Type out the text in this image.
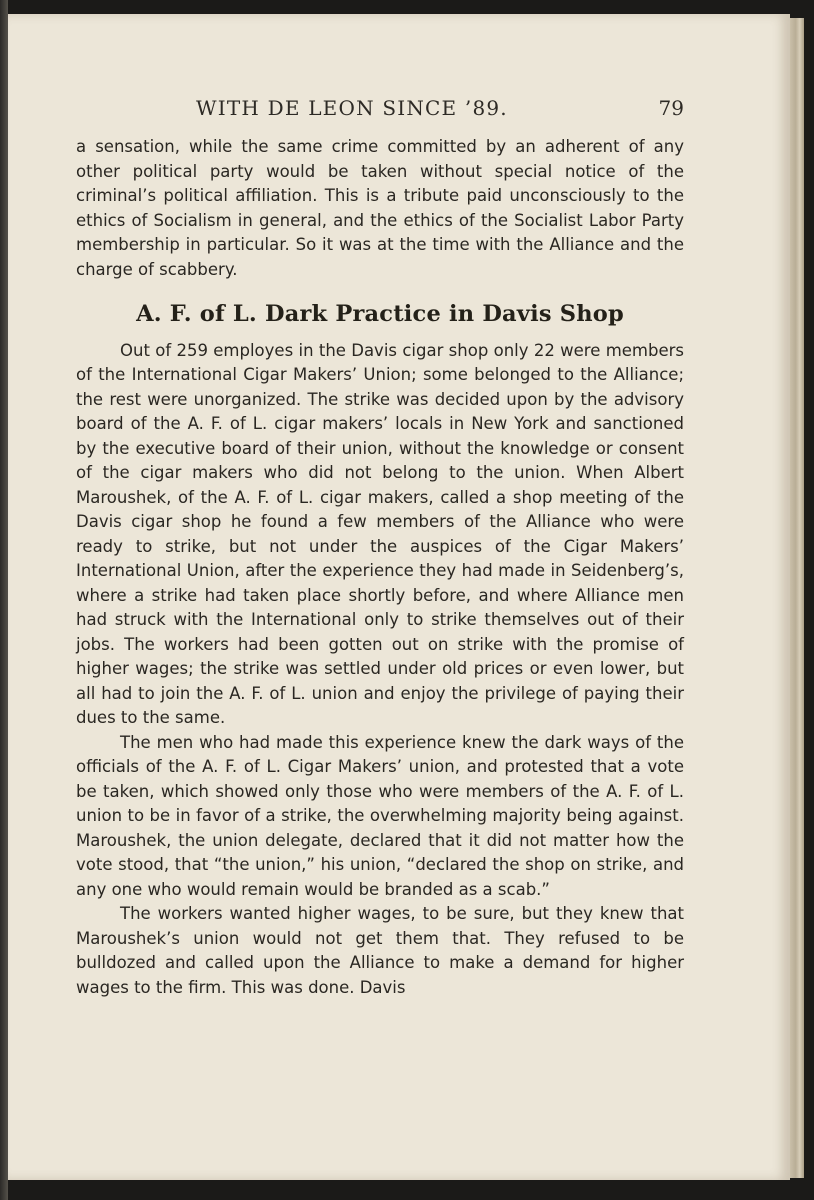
WITH DE LEON SINCE ’89.	79

a sensation, while the same crime committed by an adherent of any other political party would be taken without special notice of the criminal’s political affiliation. This is a tribute paid unconsciously to the ethics of Socialism in general, and the ethics of the Socialist Labor Party membership in particular. So it was at the time with the Alliance and the charge of scabbery.

A. F. of L. Dark Practice in Davis Shop

Out of 259 employes in the Davis cigar shop only 22 were members of the International Cigar Makers’ Union; some belonged to the Alliance; the rest were unorganized. The strike was decided upon by the advisory board of the A. F. of L. cigar makers’ locals in New York and sanctioned by the executive board of their union, without the knowledge or consent of the cigar makers who did not belong to the union. When Albert Maroushek, of the A. F. of L. cigar makers, called a shop meeting of the Davis cigar shop he found a few members of the Alliance who were ready to strike, but not under the auspices of the Cigar Makers’ International Union, after the experience they had made in Seidenberg’s, where a strike had taken place shortly before, and where Alliance men had struck with the International only to strike themselves out of their jobs. The workers had been gotten out on strike with the promise of higher wages; the strike was settled under old prices or even lower, but all had to join the A. F. of L. union and enjoy the privilege of paying their dues to the same.

The men who had made this experience knew the dark ways of the officials of the A. F. of L. Cigar Makers’ union, and protested that a vote be taken, which showed only those who were members of the A. F. of L. union to be in favor of a strike, the overwhelming majority being against. Maroushek, the union delegate, declared that it did not matter how the vote stood, that “the union,” his union, “declared the shop on strike, and any one who would remain would be branded as a scab.”

The workers wanted higher wages, to be sure, but they knew that Maroushek’s union would not get them that. They refused to be bulldozed and called upon the Alliance to make a demand for higher wages to the firm. This was done. Davis
